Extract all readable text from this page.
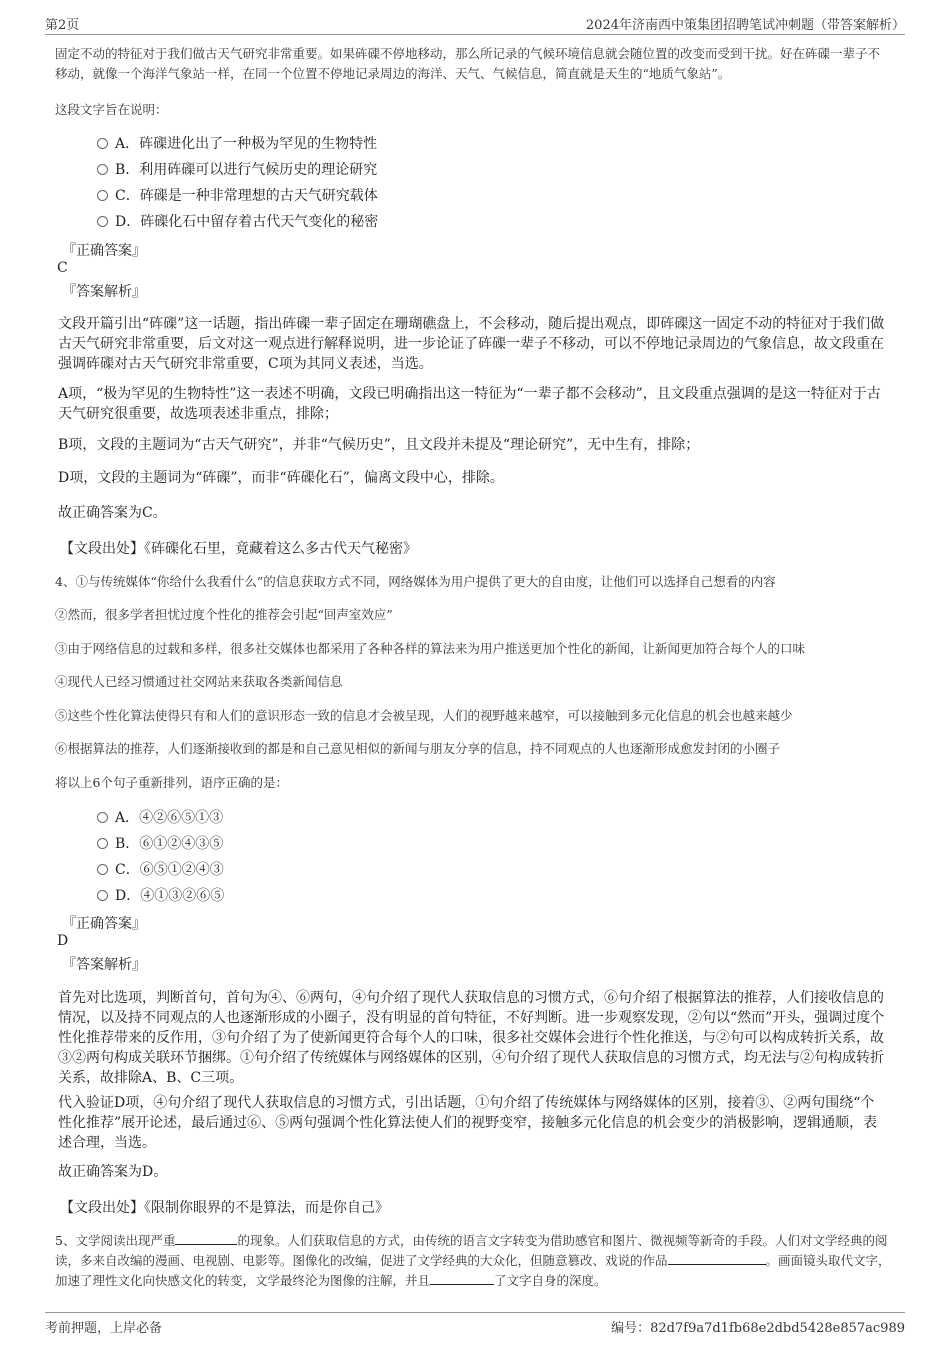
第2页	2024年济南西中策集团招聘笔试冲刺题（带答案解析）
固定不动的特征对于我们做古天气研究非常重要。如果砗磲不停地移动，那么所记录的气候环境信息就会随位置的改变而受到干扰。好在砗磲一辈子不移动，就像一个海洋气象站一样，在同一个位置不停地记录周边的海洋、天气、气候信息，简直就是天生的“地质气象站”。
这段文字旨在说明：
A．砗磲进化出了一种极为罕见的生物特性
B．利用砗磲可以进行气候历史的理论研究
C．砗磲是一种非常理想的古天气研究载体
D．砗磲化石中留存着古代天气变化的秘密
『正确答案』
C
『答案解析』
文段开篇引出“砗磲”这一话题，指出砗磲一辈子固定在珊瑚礁盘上，不会移动，随后提出观点，即砗磲这一固定不动的特征对于我们做古天气研究非常重要，后文对这一观点进行解释说明，进一步论证了砗磲一辈子不移动，可以不停地记录周边的气象信息，故文段重在强调砗磲对古天气研究非常重要，C项为其同义表述，当选。
A项，“极为罕见的生物特性”这一表述不明确，文段已明确指出这一特征为“一辈子都不会移动”，且文段重点强调的是这一特征对于古天气研究很重要，故选项表述非重点，排除；
B项，文段的主题词为“古天气研究”，并非“气候历史”，且文段并未提及“理论研究”，无中生有，排除；
D项，文段的主题词为“砗磲”，而非“砗磲化石”，偏离文段中心，排除。
故正确答案为C。
【文段出处】《砗磲化石里，竟藏着这么多古代天气秘密》
4、①与传统媒体“你给什么我看什么”的信息获取方式不同，网络媒体为用户提供了更大的自由度，让他们可以选择自己想看的内容
②然而，很多学者担忧过度个性化的推荐会引起“回声室效应”
③由于网络信息的过载和多样，很多社交媒体也都采用了各种各样的算法来为用户推送更加个性化的新闻，让新闻更加符合每个人的口味
④现代人已经习惯通过社交网站来获取各类新闻信息
⑤这些个性化算法使得只有和人们的意识形态一致的信息才会被呈现，人们的视野越来越窄，可以接触到多元化信息的机会也越来越少
⑥根据算法的推荐，人们逐渐接收到的都是和自己意见相似的新闻与朋友分享的信息，持不同观点的人也逐渐形成愈发封闭的小圈子
将以上6个句子重新排列，语序正确的是：
A．④②⑥⑤①③
B．⑥①②④③⑤
C．⑥⑤①②④③
D．④①③②⑥⑤
『正确答案』
D
『答案解析』
首先对比选项，判断首句，首句为④、⑥两句，④句介绍了现代人获取信息的习惯方式，⑥句介绍了根据算法的推荐，人们接收信息的情况，以及持不同观点的人也逐渐形成的小圈子，没有明显的首句特征，不好判断。进一步观察发现，②句以“然而”开头，强调过度个性化推荐带来的反作用，③句介绍了为了使新闻更符合每个人的口味，很多社交媒体会进行个性化推送，与②句可以构成转折关系，故③②两句构成关联环节捆绑。①句介绍了传统媒体与网络媒体的区别，④句介绍了现代人获取信息的习惯方式，均无法与②句构成转折关系，故排除A、B、C三项。
代入验证D项，④句介绍了现代人获取信息的习惯方式，引出话题，①句介绍了传统媒体与网络媒体的区别，接着③、②两句围绕“个性化推荐”展开论述，最后通过⑥、⑤两句强调个性化算法使人们的视野变窄，接触多元化信息的机会变少的消极影响，逻辑通顺，表述合理，当选。
故正确答案为D。
【文段出处】《限制你眼界的不是算法，而是你自己》
5、文学阅读出现严重	的现象。人们获取信息的方式，由传统的语言文字转变为借助感官和图片、微视频等新奇的手段。人们对文学经典的阅读，多来自改编的漫画、电视剧、电影等。图像化的改编，促进了文学经典的大众化，但随意篡改、戏说的作品	。画面镜头取代文字，加速了理性文化向快感文化的转变，文学最终沦为图像的注解，并且	了文字自身的深度。
考前押题，上岸必备	编号：82d7f9a7d1fb68e2dbd5428e857ac989
